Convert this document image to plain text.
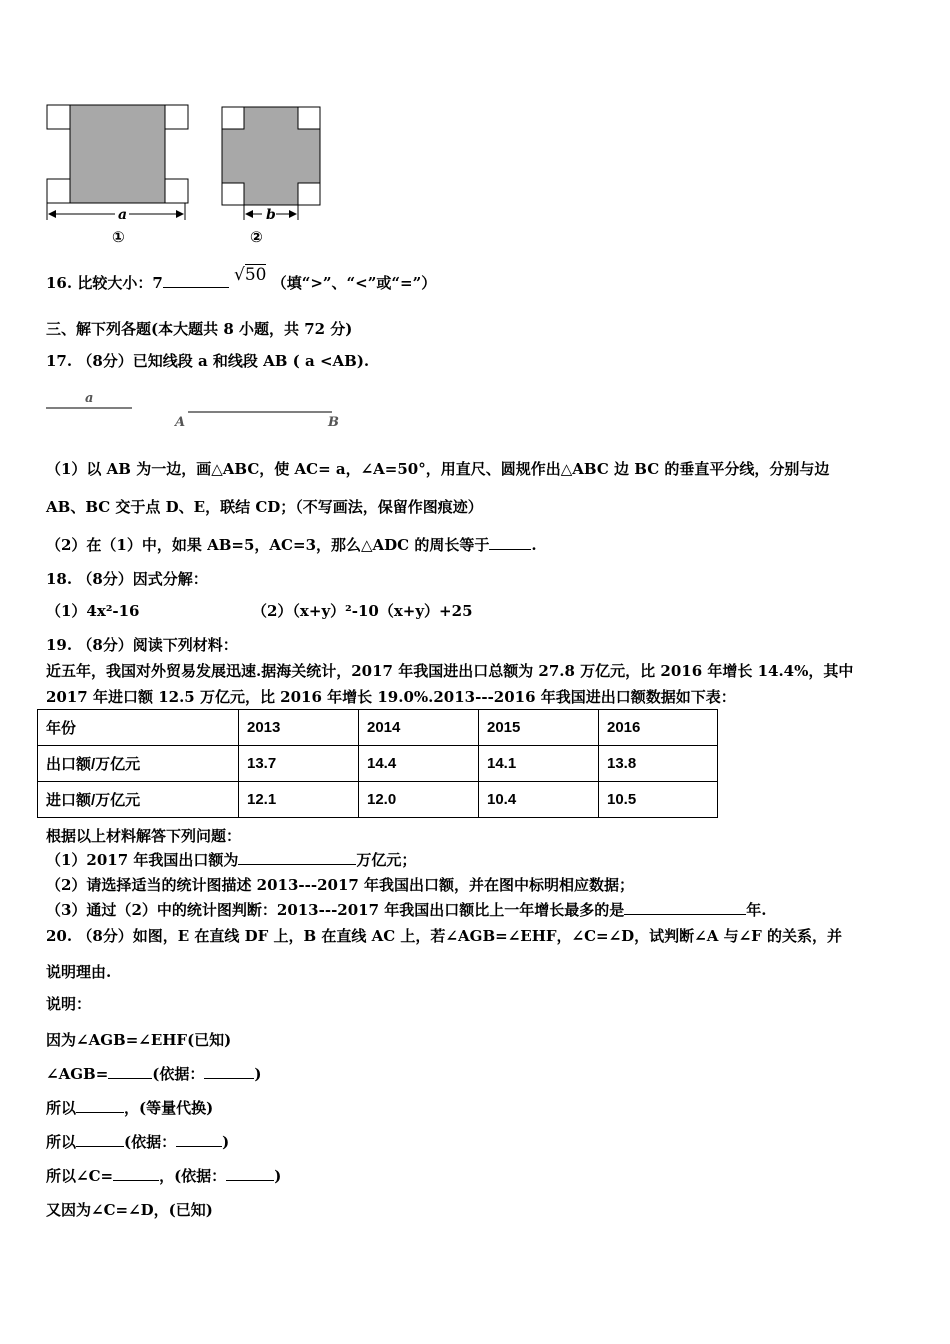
a	b
①	②
16. 比较大小：7	√50 （填“>”、“<”或“=”）
三、解下列各题(本大题共 8 小题，共 72 分)
17. （8分）已知线段 a 和线段 AB ( a <AB).
a
A	B
（1）以 AB 为一边，画△ABC，使 AC= a，∠A=50°，用直尺、圆规作出△ABC 边 BC 的垂直平分线，分别与边
AB、BC 交于点 D、E，联结 CD；（不写画法，保留作图痕迹）
（2）在（1）中，如果 AB=5，AC=3，那么△ADC 的周长等于	.
18. （8分）因式分解：
（1）4x²-16	（2）（x+y）²-10（x+y）+25
19. （8分）阅读下列材料：
近五年，我国对外贸易发展迅速.据海关统计，2017 年我国进出口总额为 27.8 万亿元，比 2016 年增长 14.4%，其中
2017 年进口额 12.5 万亿元，比 2016 年增长 19.0%.2013---2016 年我国进出口额数据如下表：
年份	2013	2014	2015	2016
出口额/万亿元	13.7	14.4	14.1	13.8
进口额/万亿元	12.1	12.0	10.4	10.5
根据以上材料解答下列问题：
（1）2017 年我国出口额为	万亿元；
（2）请选择适当的统计图描述 2013---2017 年我国出口额，并在图中标明相应数据；
（3）通过（2）中的统计图判断：2013---2017 年我国出口额比上一年增长最多的是	年.
20. （8分）如图，E 在直线 DF 上，B 在直线 AC 上，若∠AGB=∠EHF，∠C=∠D，试判断∠A 与∠F 的关系，并
说明理由.
说明：
因为∠AGB=∠EHF(已知)
∠AGB=	(依据：	)
所以	，(等量代换)
所以	(依据：	)
所以∠C=	，(依据：	)
又因为∠C=∠D，(已知)
